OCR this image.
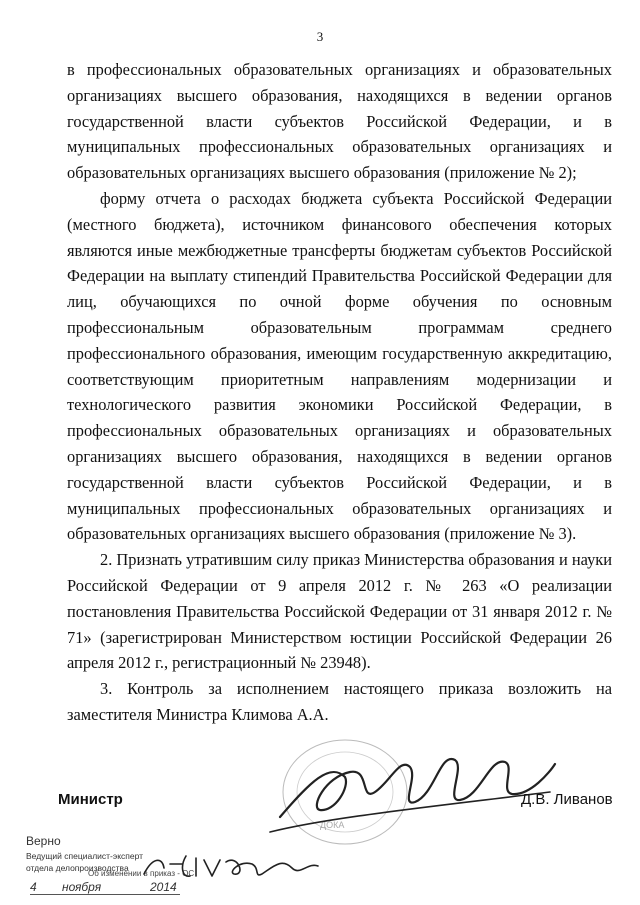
3

в профессиональных образовательных организациях и образовательных организациях высшего образования, находящихся в ведении органов государственной власти субъектов Российской Федерации, и в муниципальных профессиональных образовательных организациях и образовательных организациях высшего образования (приложение № 2);

форму отчета о расходах бюджета субъекта Российской Федерации (местного бюджета), источником финансового обеспечения которых являются иные межбюджетные трансферты бюджетам субъектов Российской Федерации на выплату стипендий Правительства Российской Федерации для лиц, обучающихся по очной форме обучения по основным профессиональным образовательным программам среднего профессионального образования, имеющим государственную аккредитацию, соответствующим приоритетным направлениям модернизации и технологического развития экономики Российской Федерации, в профессиональных образовательных организациях и образовательных организациях высшего образования, находящихся в ведении органов государственной власти субъектов Российской Федерации, и в муниципальных профессиональных образовательных организациях и образовательных организациях высшего образования (приложение № 3).

2. Признать утратившим силу приказ Министерства образования и науки Российской Федерации от 9 апреля 2012 г. № 263 «О реализации постановления Правительства Российской Федерации от 31 января 2012 г. № 71» (зарегистрирован Министерством юстиции Российской Федерации 26 апреля 2012 г., регистрационный № 23948).

3. Контроль за исполнением настоящего приказа возложить на заместителя Министра Климова А.А.

ДОКА
Министр	Д.В. Ливанов
Верно
Ведущий специалист-эксперт
отдела делопроизводства
Об изменении в приказ - ОС
4 ноября	2014
